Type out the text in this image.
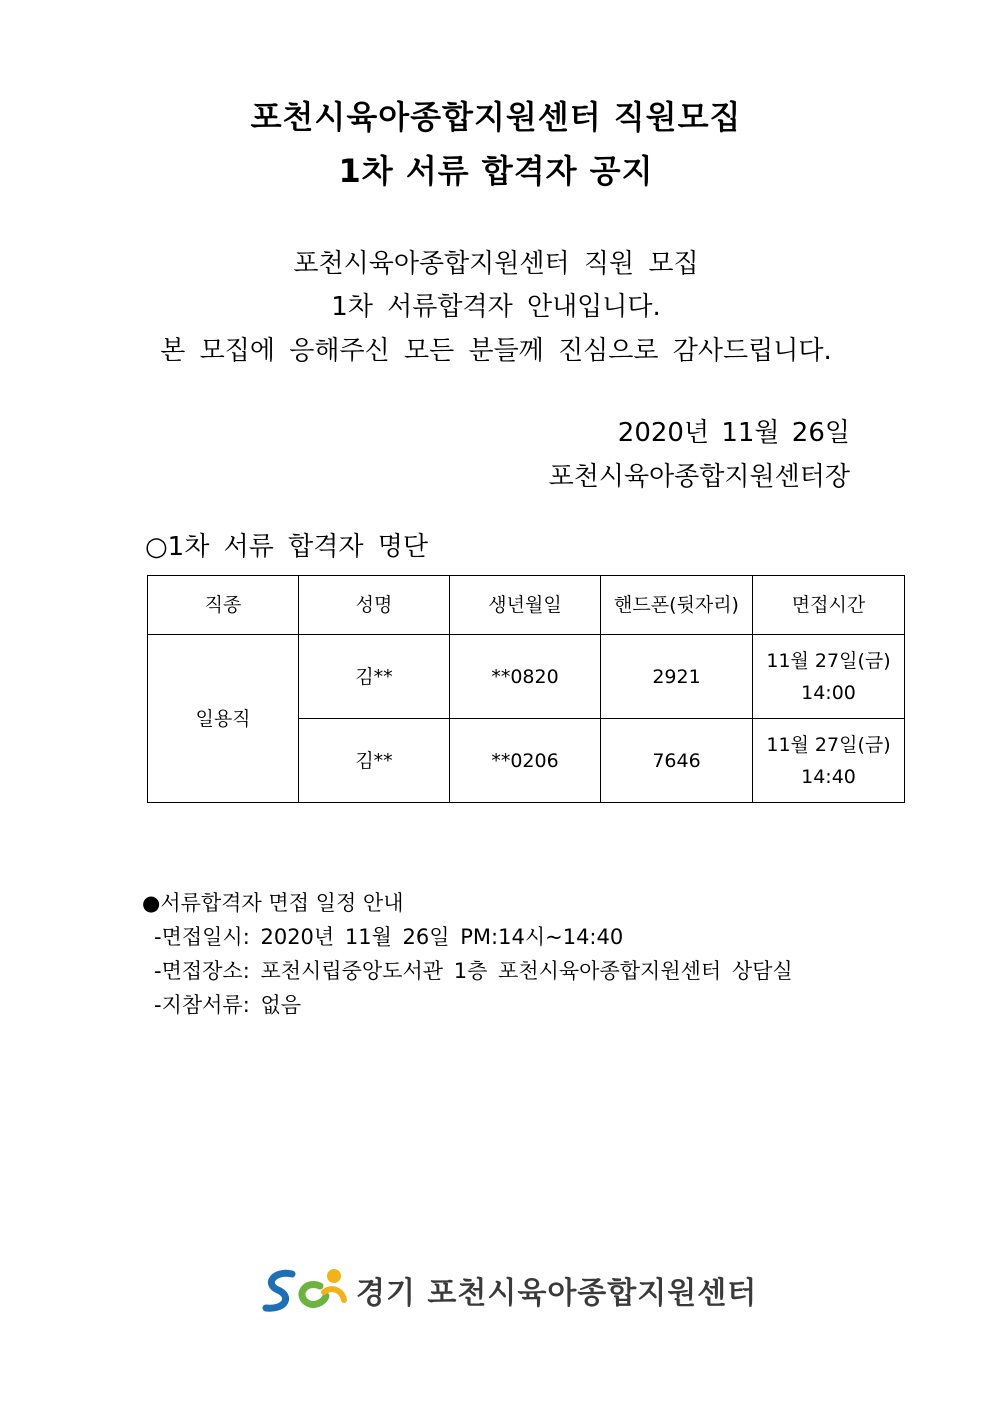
포천시육아종합지원센터 직원모집
1차 서류 합격자 공지
포천시육아종합지원센터 직원 모집
1차 서류합격자 안내입니다.
본 모집에 응해주신 모든 분들께 진심으로 감사드립니다.
2020년 11월 26일
포천시육아종합지원센터장
○1차 서류 합격자 명단
직종	성명	생년월일	핸드폰(뒷자리)	면접시간
일용직	김**	**0820	2921	11월 27일(금)
14:00

	김**	**0206	7646	11월 27일(금)
14:40
●서류합격자 면접 일정 안내
-면접일시: 2020년 11월 26일 PM:14시~14:40
-면접장소: 포천시립중앙도서관 1층 포천시육아종합지원센터 상담실
-지참서류: 없음
경기 포천시육아종합지원센터
